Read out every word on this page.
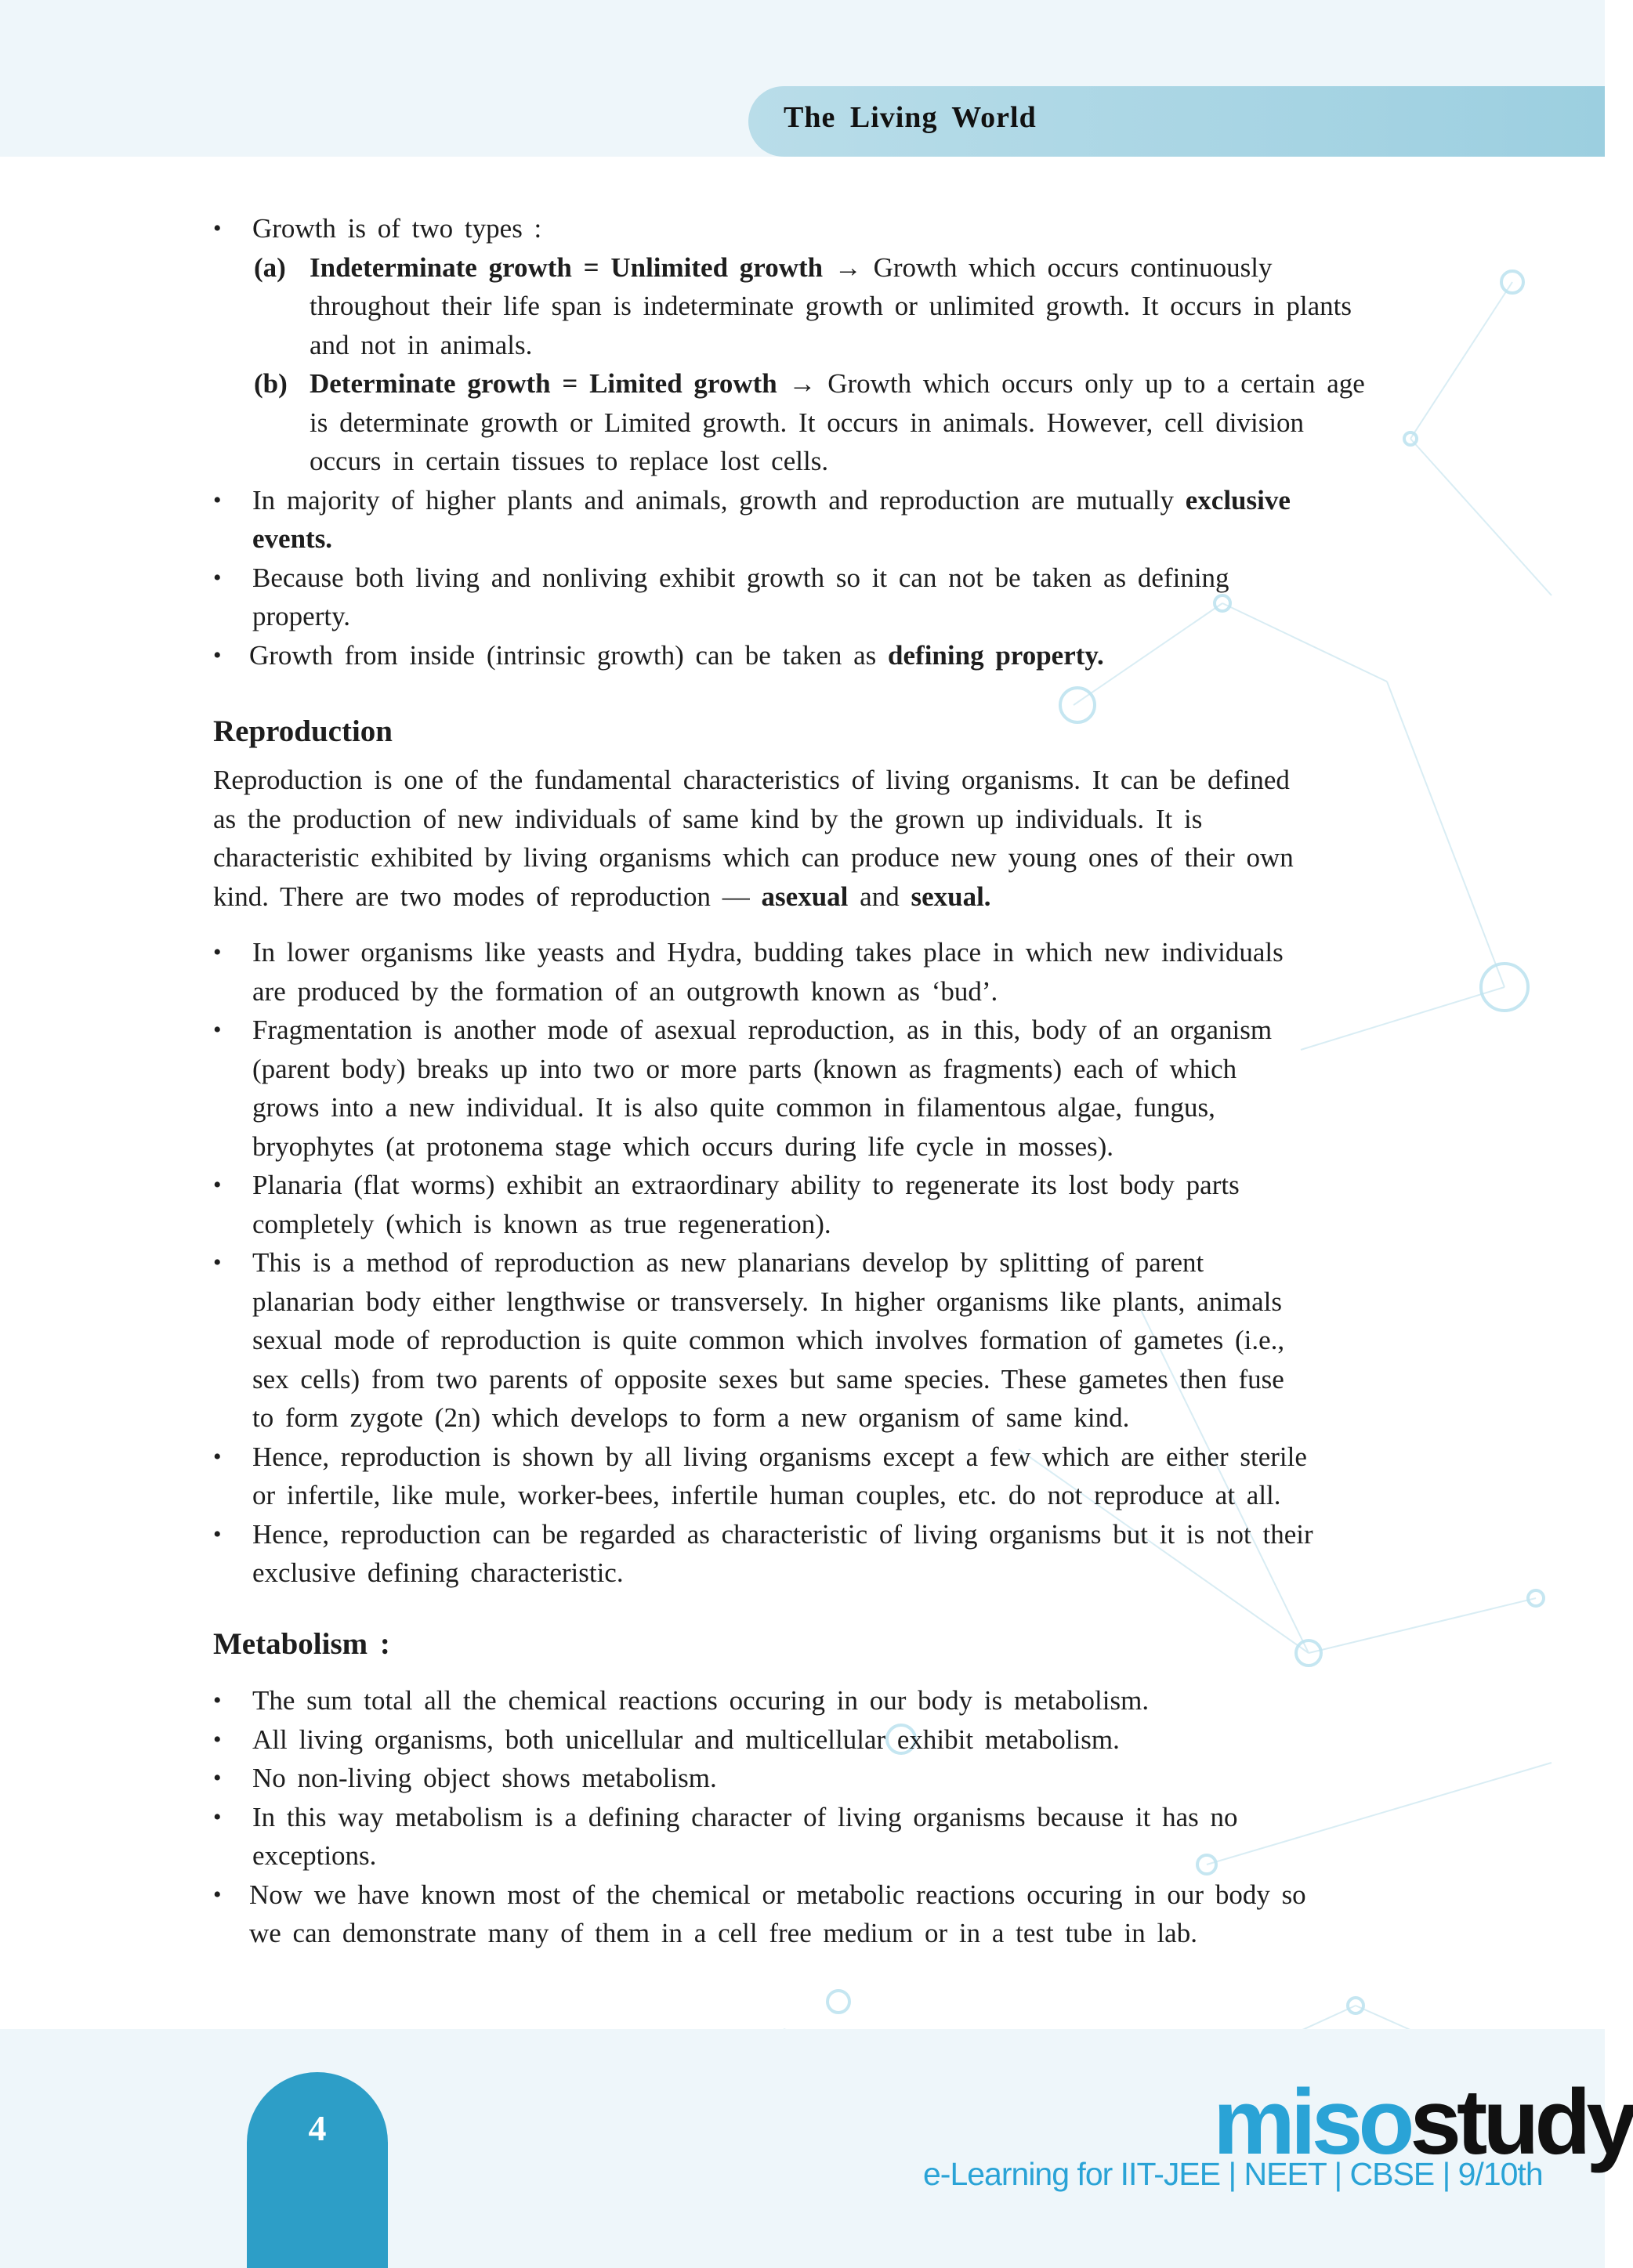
The Living World
• Growth is of two types :
(a) Indeterminate growth = Unlimited growth → Growth which occurs continuously
throughout their life span is indeterminate growth or unlimited growth. It occurs in plants
and not in animals.
(b) Determinate growth = Limited growth → Growth which occurs only up to a certain age
is determinate growth or Limited growth. It occurs in animals. However, cell division
occurs in certain tissues to replace lost cells.
• In majority of higher plants and animals, growth and reproduction are mutually exclusive
events.
• Because both living and nonliving exhibit growth so it can not be taken as defining
property.
• Growth from inside (intrinsic growth) can be taken as defining property.
Reproduction
Reproduction is one of the fundamental characteristics of living organisms. It can be defined
as the production of new individuals of same kind by the grown up individuals. It is
characteristic exhibited by living organisms which can produce new young ones of their own
kind. There are two modes of reproduction — asexual and sexual.
• In lower organisms like yeasts and Hydra, budding takes place in which new individuals
are produced by the formation of an outgrowth known as ‘bud’.
• Fragmentation is another mode of asexual reproduction, as in this, body of an organism
(parent body) breaks up into two or more parts (known as fragments) each of which
grows into a new individual. It is also quite common in filamentous algae, fungus,
bryophytes (at protonema stage which occurs during life cycle in mosses).
• Planaria (flat worms) exhibit an extraordinary ability to regenerate its lost body parts
completely (which is known as true regeneration).
• This is a method of reproduction as new planarians develop by splitting of parent
planarian body either lengthwise or transversely. In higher organisms like plants, animals
sexual mode of reproduction is quite common which involves formation of gametes (i.e.,
sex cells) from two parents of opposite sexes but same species. These gametes then fuse
to form zygote (2n) which develops to form a new organism of same kind.
• Hence, reproduction is shown by all living organisms except a few which are either sterile
or infertile, like mule, worker-bees, infertile human couples, etc. do not reproduce at all.
• Hence, reproduction can be regarded as characteristic of living organisms but it is not their
exclusive defining characteristic.
Metabolism :
• The sum total all the chemical reactions occuring in our body is metabolism.
• All living organisms, both unicellular and multicellular exhibit metabolism.
• No non-living object shows metabolism.
• In this way metabolism is a defining character of living organisms because it has no
exceptions.
• Now we have known most of the chemical or metabolic reactions occuring in our body so
we can demonstrate many of them in a cell free medium or in a test tube in lab.
4	misostudy
e-Learning for IIT-JEE | NEET | CBSE | 9/10th
